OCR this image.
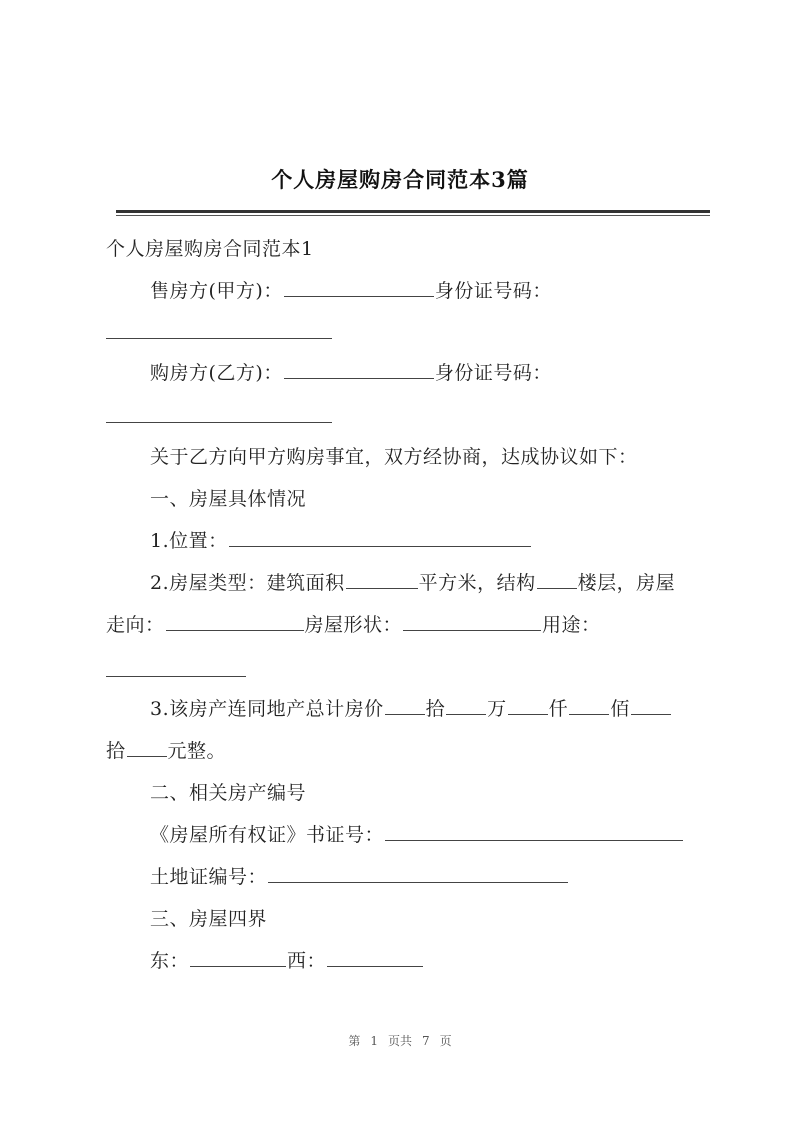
个人房屋购房合同范本3篇
个人房屋购房合同范本1
售房方(甲方)：	身份证号码：
购房方(乙方)：	身份证号码：
关于乙方向甲方购房事宜，双方经协商，达成协议如下：
一、房屋具体情况
1.位置：
2.房屋类型：建筑面积	平方米，结构 楼层，房屋
走向：	房屋形状：	用途：
3.该房产连同地产总计房价 拾 万 仟 佰
拾 元整。
二、相关房产编号
《房屋所有权证》书证号：
土地证编号：
三、房屋四界
东：	西：
第 1 页共 7 页
